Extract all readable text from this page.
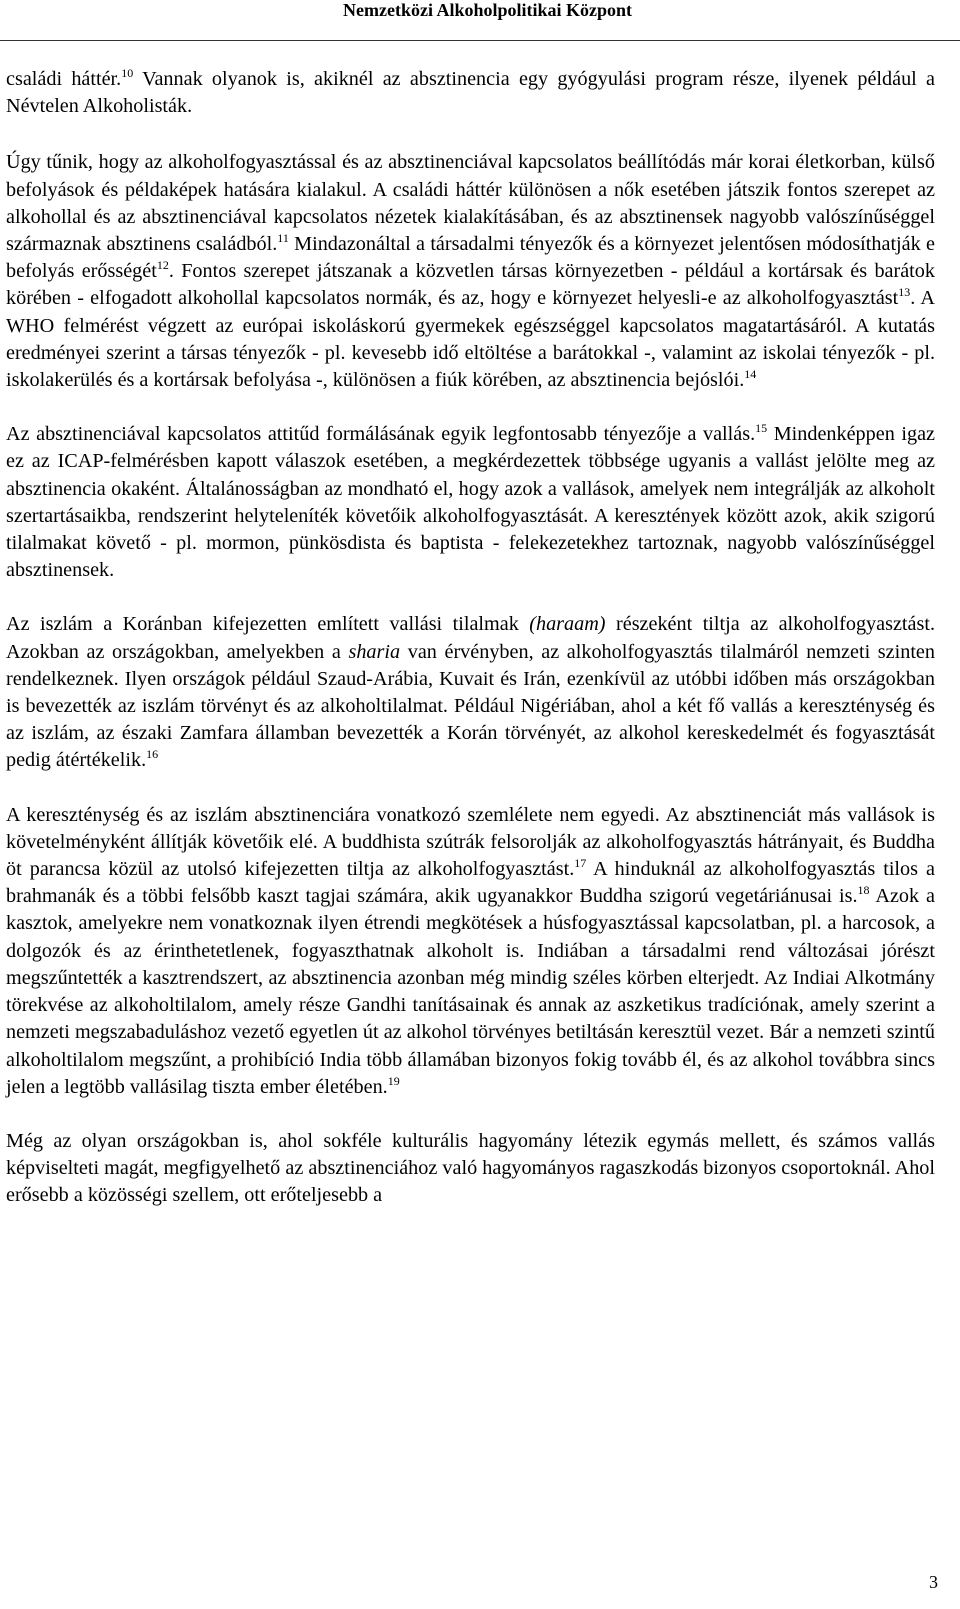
Nemzetközi Alkoholpolitikai Központ

családi háttér.$^{10}$ Vannak olyanok is, akiknél az absztinencia egy gyógyulási program része, ilyenek például a Névtelen Alkoholisták.

Úgy tűnik, hogy az alkoholfogyasztással és az absztinenciával kapcsolatos beállítódás már korai életkorban, külső befolyások és példaképek hatására kialakul. A családi háttér különösen a nők esetében játszik fontos szerepet az alkohollal és az absztinenciával kapcsolatos nézetek kialakításában, és az absztinensek nagyobb valószínűséggel származnak absztinens családból.$^{11}$ Mindazonáltal a társadalmi tényezők és a környezet jelentősen módosíthatják e befolyás erősségét$^{12}$. Fontos szerepet játszanak a közvetlen társas környezetben - például a kortársak és barátok körében - elfogadott alkohollal kapcsolatos normák, és az, hogy e környezet helyesli-e az alkoholfogyasztást$^{13}$. A WHO felmérést végzett az európai iskoláskorú gyermekek egészséggel kapcsolatos magatartásáról. A kutatás eredményei szerint a társas tényezők - pl. kevesebb idő eltöltése a barátokkal -, valamint az iskolai tényezők - pl. iskolakerülés és a kortársak befolyása -, különösen a fiúk körében, az absztinencia bejóslói.$^{14}$

Az absztinenciával kapcsolatos attitűd formálásának egyik legfontosabb tényezője a vallás.$^{15}$ Mindenképpen igaz ez az ICAP-felmérésben kapott válaszok esetében, a megkérdezettek többsége ugyanis a vallást jelölte meg az absztinencia okaként. Általánosságban az mondható el, hogy azok a vallások, amelyek nem integrálják az alkoholt szertartásaikba, rendszerint helyteleníték követőik alkoholfogyasztását. A keresztények között azok, akik szigorú tilalmakat követő - pl. mormon, pünkösdista és baptista - felekezetekhez tartoznak, nagyobb valószínűséggel absztinensek.

Az iszlám a Koránban kifejezetten említett vallási tilalmak (haraam) részeként tiltja az alkoholfogyasztást. Azokban az országokban, amelyekben a sharia van érvényben, az alkoholfogyasztás tilalmáról nemzeti szinten rendelkeznek. Ilyen országok például Szaud-Arábia, Kuvait és Irán, ezenkívül az utóbbi időben más országokban is bevezették az iszlám törvényt és az alkoholtilalmat. Például Nigériában, ahol a két fő vallás a kereszténység és az iszlám, az északi Zamfara államban bevezették a Korán törvényét, az alkohol kereskedelmét és fogyasztását pedig átértékelik.$^{16}$

A kereszténység és az iszlám absztinenciára vonatkozó szemlélete nem egyedi. Az absztinenciát más vallások is követelményként állítják követőik elé. A buddhista szútrák felsorolják az alkoholfogyasztás hátrányait, és Buddha öt parancsa közül az utolsó kifejezetten tiltja az alkoholfogyasztást.$^{17}$ A hinduknál az alkoholfogyasztás tilos a brahmanák és a többi felsőbb kaszt tagjai számára, akik ugyanakkor Buddha szigorú vegetáriánusai is.$^{18}$ Azok a kasztok, amelyekre nem vonatkoznak ilyen étrendi megkötések a húsfogyasztással kapcsolatban, pl. a harcosok, a dolgozók és az érinthetetlenek, fogyaszthatnak alkoholt is. Indiában a társadalmi rend változásai jórészt megszűntették a kasztrendszert, az absztinencia azonban még mindig széles körben elterjedt. Az Indiai Alkotmány törekvése az alkoholtilalom, amely része Gandhi tanításainak és annak az aszketikus tradíciónak, amely szerint a nemzeti megszabaduláshoz vezető egyetlen út az alkohol törvényes betiltásán keresztül vezet. Bár a nemzeti szintű alkoholtilalom megszűnt, a prohibíció India több államában bizonyos fokig tovább él, és az alkohol továbbra sincs jelen a legtöbb vallásilag tiszta ember életében.$^{19}$

Még az olyan országokban is, ahol sokféle kulturális hagyomány létezik egymás mellett, és számos vallás képviselteti magát, megfigyelhető az absztinenciához való hagyományos ragaszkodás bizonyos csoportoknál. Ahol erősebb a közösségi szellem, ott erőteljesebb a

3
